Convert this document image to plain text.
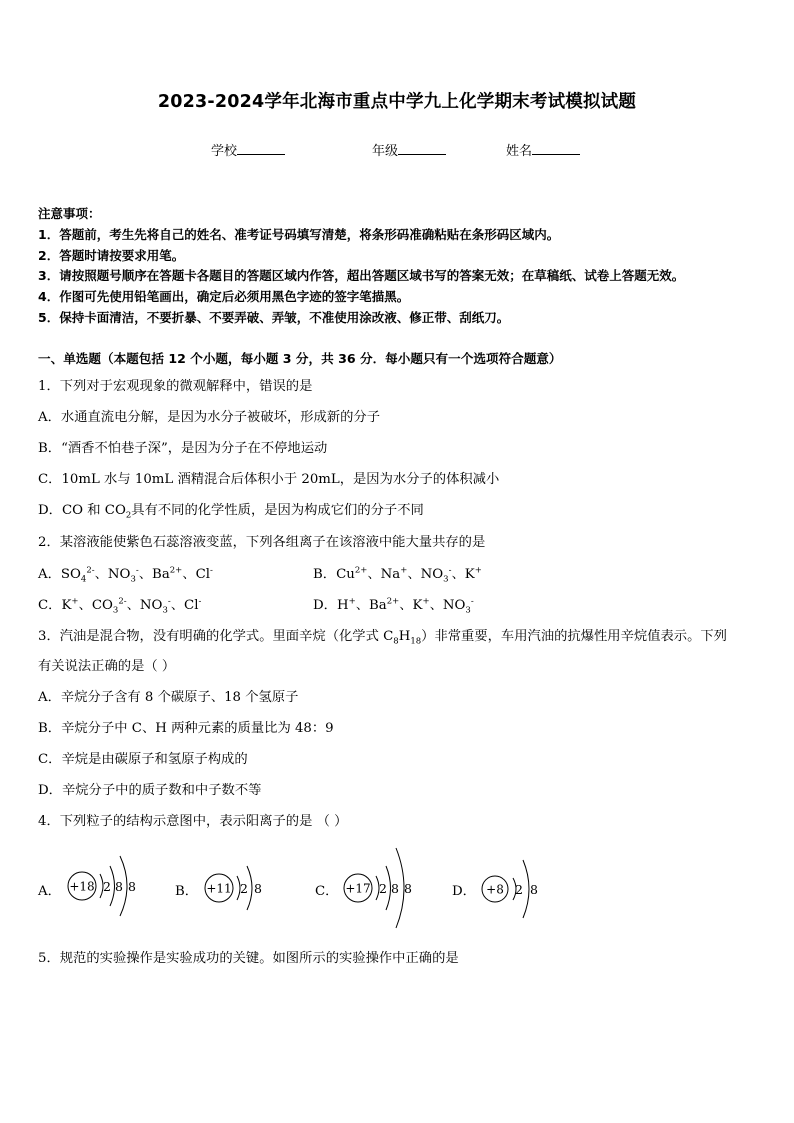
2023-2024学年北海市重点中学九上化学期末考试模拟试题
学校	年级	姓名
注意事项：
1．答题前，考生先将自己的姓名、准考证号码填写清楚，将条形码准确粘贴在条形码区域内。
2．答题时请按要求用笔。
3．请按照题号顺序在答题卡各题目的答题区域内作答，超出答题区域书写的答案无效；在草稿纸、试卷上答题无效。
4．作图可先使用铅笔画出，确定后必须用黑色字迹的签字笔描黑。
5．保持卡面清洁，不要折暴、不要弄破、弄皱，不准使用涂改液、修正带、刮纸刀。
一、单选题（本题包括 12 个小题，每小题 3 分，共 36 分．每小题只有一个选项符合题意）
1．下列对于宏观现象的微观解释中，错误的是
A．水通直流电分解，是因为水分子被破坏，形成新的分子
B．“酒香不怕巷子深”，是因为分子在不停地运动
C．10mL 水与 10mL 酒精混合后体积小于 20mL，是因为水分子的体积减小
D．CO 和 $CO_2$具有不同的化学性质，是因为构成它们的分子不同
2．某溶液能使紫色石蕊溶液变蓝，下列各组离子在该溶液中能大量共存的是
A．$SO_4^{2-}$、$NO_3^-$、$Ba^{2+}$、Cl-	B．$Cu^{2+}$、Na+、$NO_3^-$、K+
C．K+、$CO_3^{2-}$、$NO_3^-$、Cl-	D．H+、$Ba^{2+}$、K+、$NO_3^-$
3．汽油是混合物，没有明确的化学式。里面辛烷（化学式 $C_8H_{18}$）非常重要，车用汽油的抗爆性用辛烷值表示。下列
有关说法正确的是（ ）
A．辛烷分子含有 8 个碳原子、18 个氢原子
B．辛烷分子中 C、H 两种元素的质量比为 48：9
C．辛烷是由碳原子和氢原子构成的
D．辛烷分子中的质子数和中子数不等
4．下列粒子的结构示意图中，表示阳离子的是 （ ）
A． +18 2 8 8	B． +11 2 8	C． +17 2 8 8	D． +8 2 8
5．规范的实验操作是实验成功的关键。如图所示的实验操作中正确的是
